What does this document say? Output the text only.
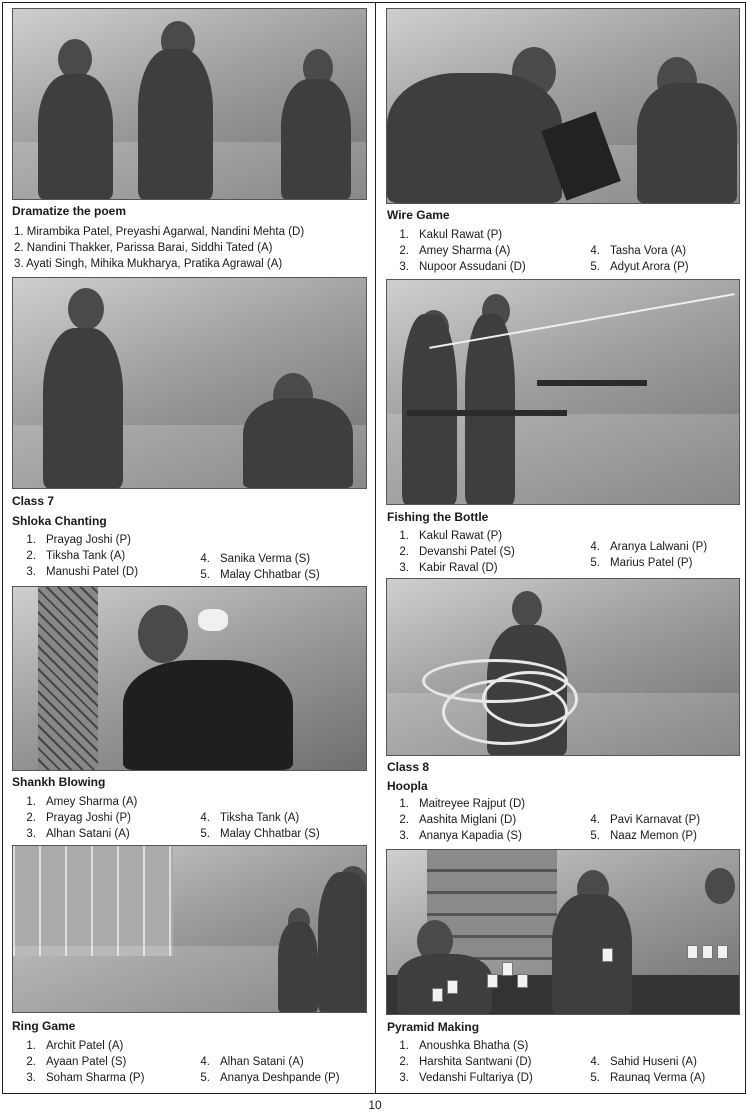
Dramatize the poem
1. Mirambika Patel, Preyashi Agarwal, Nandini Mehta (D)
2. Nandini Thakker, Parissa Barai, Siddhi Tated (A)
3. Ayati Singh, Mihika Mukharya, Pratika Agrawal (A)
Class 7
Shloka Chanting
1. Prayag Joshi (P)
2. Tiksha Tank (A)
3. Manushi Patel (D)
4. Sanika Verma (S)
5. Malay Chhatbar (S)
Shankh Blowing
1. Amey Sharma (A)
2. Prayag Joshi (P)
3. Alhan Satani (A)
4. Tiksha Tank (A)
5. Malay Chhatbar (S)
Ring Game
1. Archit Patel (A)
2. Ayaan Patel (S)
3. Soham Sharma (P)
4. Alhan Satani (A)
5. Ananya Deshpande (P)
Wire Game
1. Kakul Rawat (P)
2. Amey Sharma (A)
3. Nupoor Assudani (D)
4. Tasha Vora (A)
5. Adyut Arora (P)
Fishing the Bottle
1. Kakul Rawat (P)
2. Devanshi Patel (S)
3. Kabir Raval (D)
4. Aranya Lalwani (P)
5. Marius Patel (P)
Class 8
Hoopla
1. Maitreyee Rajput (D)
2. Aashita Miglani (D)
3. Ananya Kapadia (S)
4. Pavi Karnavat (P)
5. Naaz Memon (P)
Pyramid Making
1. Anoushka Bhatha (S)
2. Harshita Santwani (D)
3. Vedanshi Fultariya (D)
4. Sahid Huseni (A)
5. Raunaq Verma (A)
10
